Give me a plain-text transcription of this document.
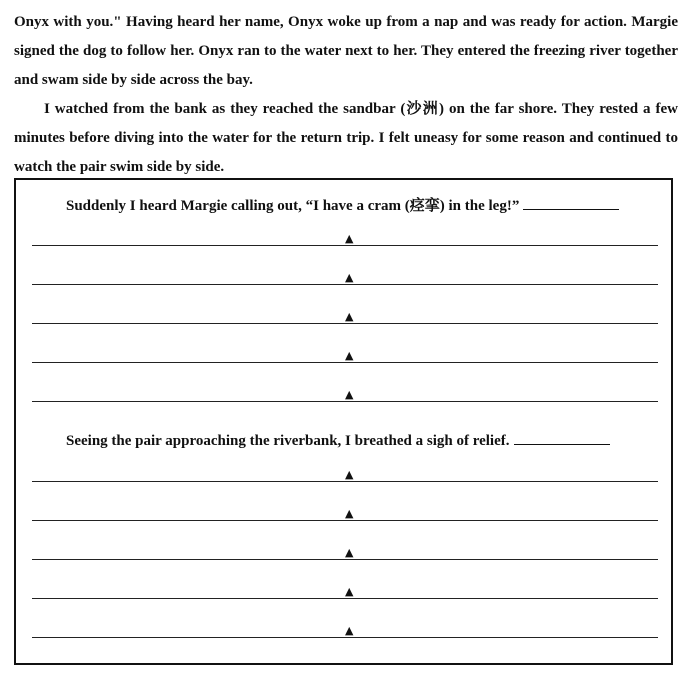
Onyx with you." Having heard her name, Onyx woke up from a nap and was ready for action. Margie signed the dog to follow her. Onyx ran to the water next to her. They entered the freezing river together and swam side by side across the bay.

I watched from the bank as they reached the sandbar (沙洲) on the far shore. They rested a few minutes before diving into the water for the return trip. I felt uneasy for some reason and continued to watch the pair swim side by side.

Suddenly I heard Margie calling out, “I have a cram (痉挛) in the leg!”
▲
▲
▲
▲
▲
Seeing the pair approaching the riverbank, I breathed a sigh of relief.
▲
▲
▲
▲
▲
